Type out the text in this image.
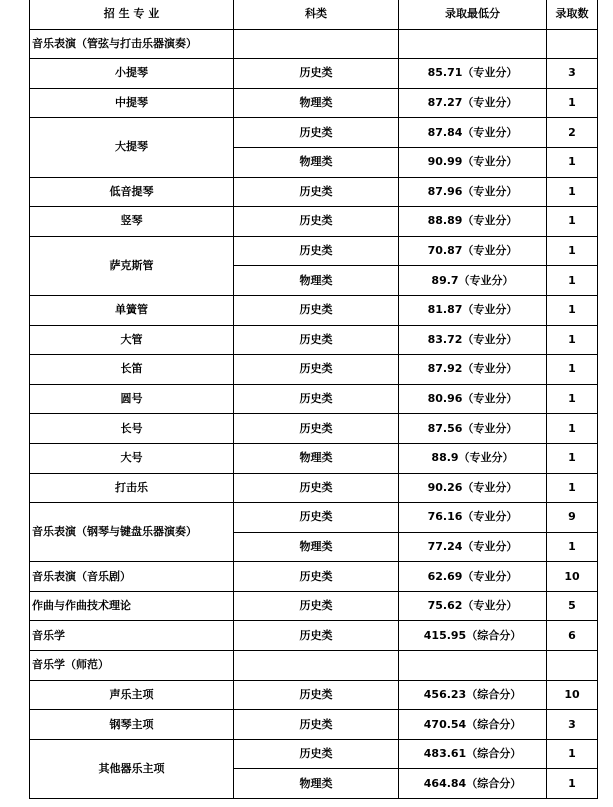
招 生 专 业	科类	录取最低分	录取数
音乐表演（管弦与打击乐器演奏）			
小提琴	历史类	85.71（专业分）	3
中提琴	物理类	87.27（专业分）	1
大提琴	历史类	87.84（专业分）	2
	物理类	90.99（专业分）	1
低音提琴	历史类	87.96（专业分）	1
竖琴	历史类	88.89（专业分）	1
萨克斯管	历史类	70.87（专业分）	1
	物理类	89.7（专业分）	1
单簧管	历史类	81.87（专业分）	1
大管	历史类	83.72（专业分）	1
长笛	历史类	87.92（专业分）	1
圆号	历史类	80.96（专业分）	1
长号	历史类	87.56（专业分）	1
大号	物理类	88.9（专业分）	1
打击乐	历史类	90.26（专业分）	1
音乐表演（钢琴与键盘乐器演奏）	历史类	76.16（专业分）	9
	物理类	77.24（专业分）	1
音乐表演（音乐剧）	历史类	62.69（专业分）	10
作曲与作曲技术理论	历史类	75.62（专业分）	5
音乐学	历史类	415.95（综合分）	6
音乐学（师范）			
声乐主项	历史类	456.23（综合分）	10
钢琴主项	历史类	470.54（综合分）	3
其他器乐主项	历史类	483.61（综合分）	1
	物理类	464.84（综合分）	1
